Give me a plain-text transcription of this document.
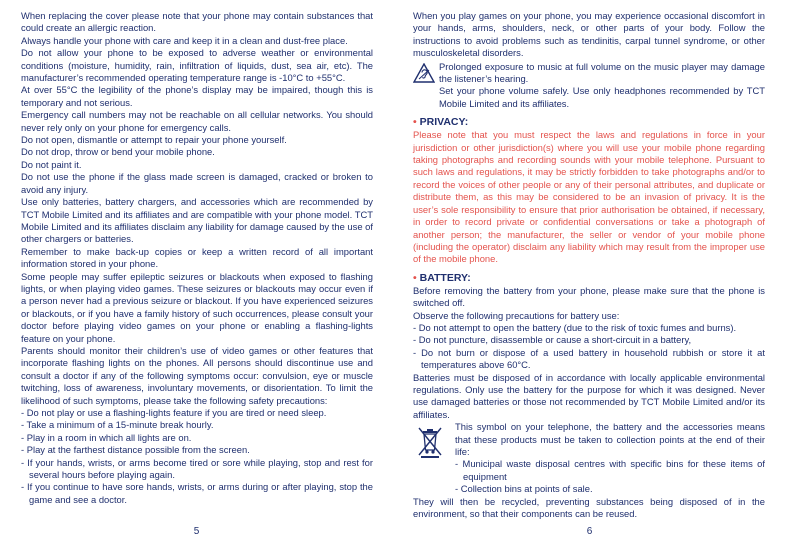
When replacing the cover please note that your phone may contain substances that could create an allergic reaction.

Always handle your phone with care and keep it in a clean and dust-free place.

Do not allow your phone to be exposed to adverse weather or environmental conditions (moisture, humidity, rain, infiltration of liquids, dust, sea air, etc). The manufacturer’s recommended operating temperature range is -10°C to +55°C.

At over 55°C the legibility of the phone’s display may be impaired, though this is temporary and not serious.

Emergency call numbers may not be reachable on all cellular networks. You should never rely only on your phone for emergency calls.

Do not open, dismantle or attempt to repair your phone yourself.

Do not drop, throw or bend your mobile phone.

Do not paint it.

Do not use the phone if the glass made screen is damaged, cracked or broken to avoid any injury.

Use only batteries, battery chargers, and accessories which are recommended by TCT Mobile Limited and its affiliates and are compatible with your phone model. TCT Mobile Limited and its affiliates disclaim any liability for damage caused by the use of other chargers or batteries.

Remember to make back-up copies or keep a written record of all important information stored in your phone.

Some people may suffer epileptic seizures or blackouts when exposed to flashing lights, or when playing video games. These seizures or blackouts may occur even if a person never had a previous seizure or blackout. If you have experienced seizures or blackouts, or if you have a family history of such occurrences, please consult your doctor before playing video games on your phone or enabling a flashing-lights feature on your phone.

Parents should monitor their children’s use of video games or other features that incorporate flashing lights on the phones. All persons should discontinue use and consult a doctor if any of the following symptoms occur: convulsion, eye or muscle twitching, loss of awareness, involuntary movements, or disorientation. To limit the likelihood of such symptoms, please take the following safety precautions:

- Do not play or use a flashing-lights feature if you are tired or need sleep.

- Take a minimum of a 15-minute break hourly.

- Play in a room in which all lights are on.

- Play at the farthest distance possible from the screen.

- If your hands, wrists, or arms become tired or sore while playing, stop and rest for several hours before playing again.

- If you continue to have sore hands, wrists, or arms during or after playing, stop the game and see a doctor.

5

When you play games on your phone, you may experience occasional discomfort in your hands, arms, shoulders, neck, or other parts of your body. Follow the instructions to avoid problems such as tendinitis, carpal tunnel syndrome, or other musculoskeletal disorders.

Prolonged exposure to music at full volume on the music player may damage the listener’s hearing.

Set your phone volume safely. Use only headphones recommended by TCT Mobile Limited and its affiliates.

• PRIVACY:

Please note that you must respect the laws and regulations in force in your jurisdiction or other jurisdiction(s) where you will use your mobile phone regarding taking photographs and recording sounds with your mobile telephone. Pursuant to such laws and regulations, it may be strictly forbidden to take photographs and/or to record the voices of other people or any of their personal attributes, and duplicate or distribute them, as this may be considered to be an invasion of privacy. It is the user’s sole responsibility to ensure that prior authorisation be obtained, if necessary, in order to record private or confidential conversations or take a photograph of another person; the manufacturer, the seller or vendor of your mobile phone (including the operator) disclaim any liability which may result from the improper use of the mobile phone.

• BATTERY:

Before removing the battery from your phone, please make sure that the phone is switched off.

Observe the following precautions for battery use:

- Do not attempt to open the battery (due to the risk of toxic fumes and burns).

- Do not puncture, disassemble or cause a short-circuit in a battery,

- Do not burn or dispose of a used battery in household rubbish or store it at temperatures above 60°C.

Batteries must be disposed of in accordance with locally applicable environmental regulations. Only use the battery for the purpose for which it was designed. Never use damaged batteries or those not recommended by TCT Mobile Limited and/or its affiliates.

This symbol on your telephone, the battery and the accessories means that these products must be taken to collection points at the end of their life:

- Municipal waste disposal centres with specific bins for these items of equipment

- Collection bins at points of sale.

They will then be recycled, preventing substances being disposed of in the environment, so that their components can be reused.

6
